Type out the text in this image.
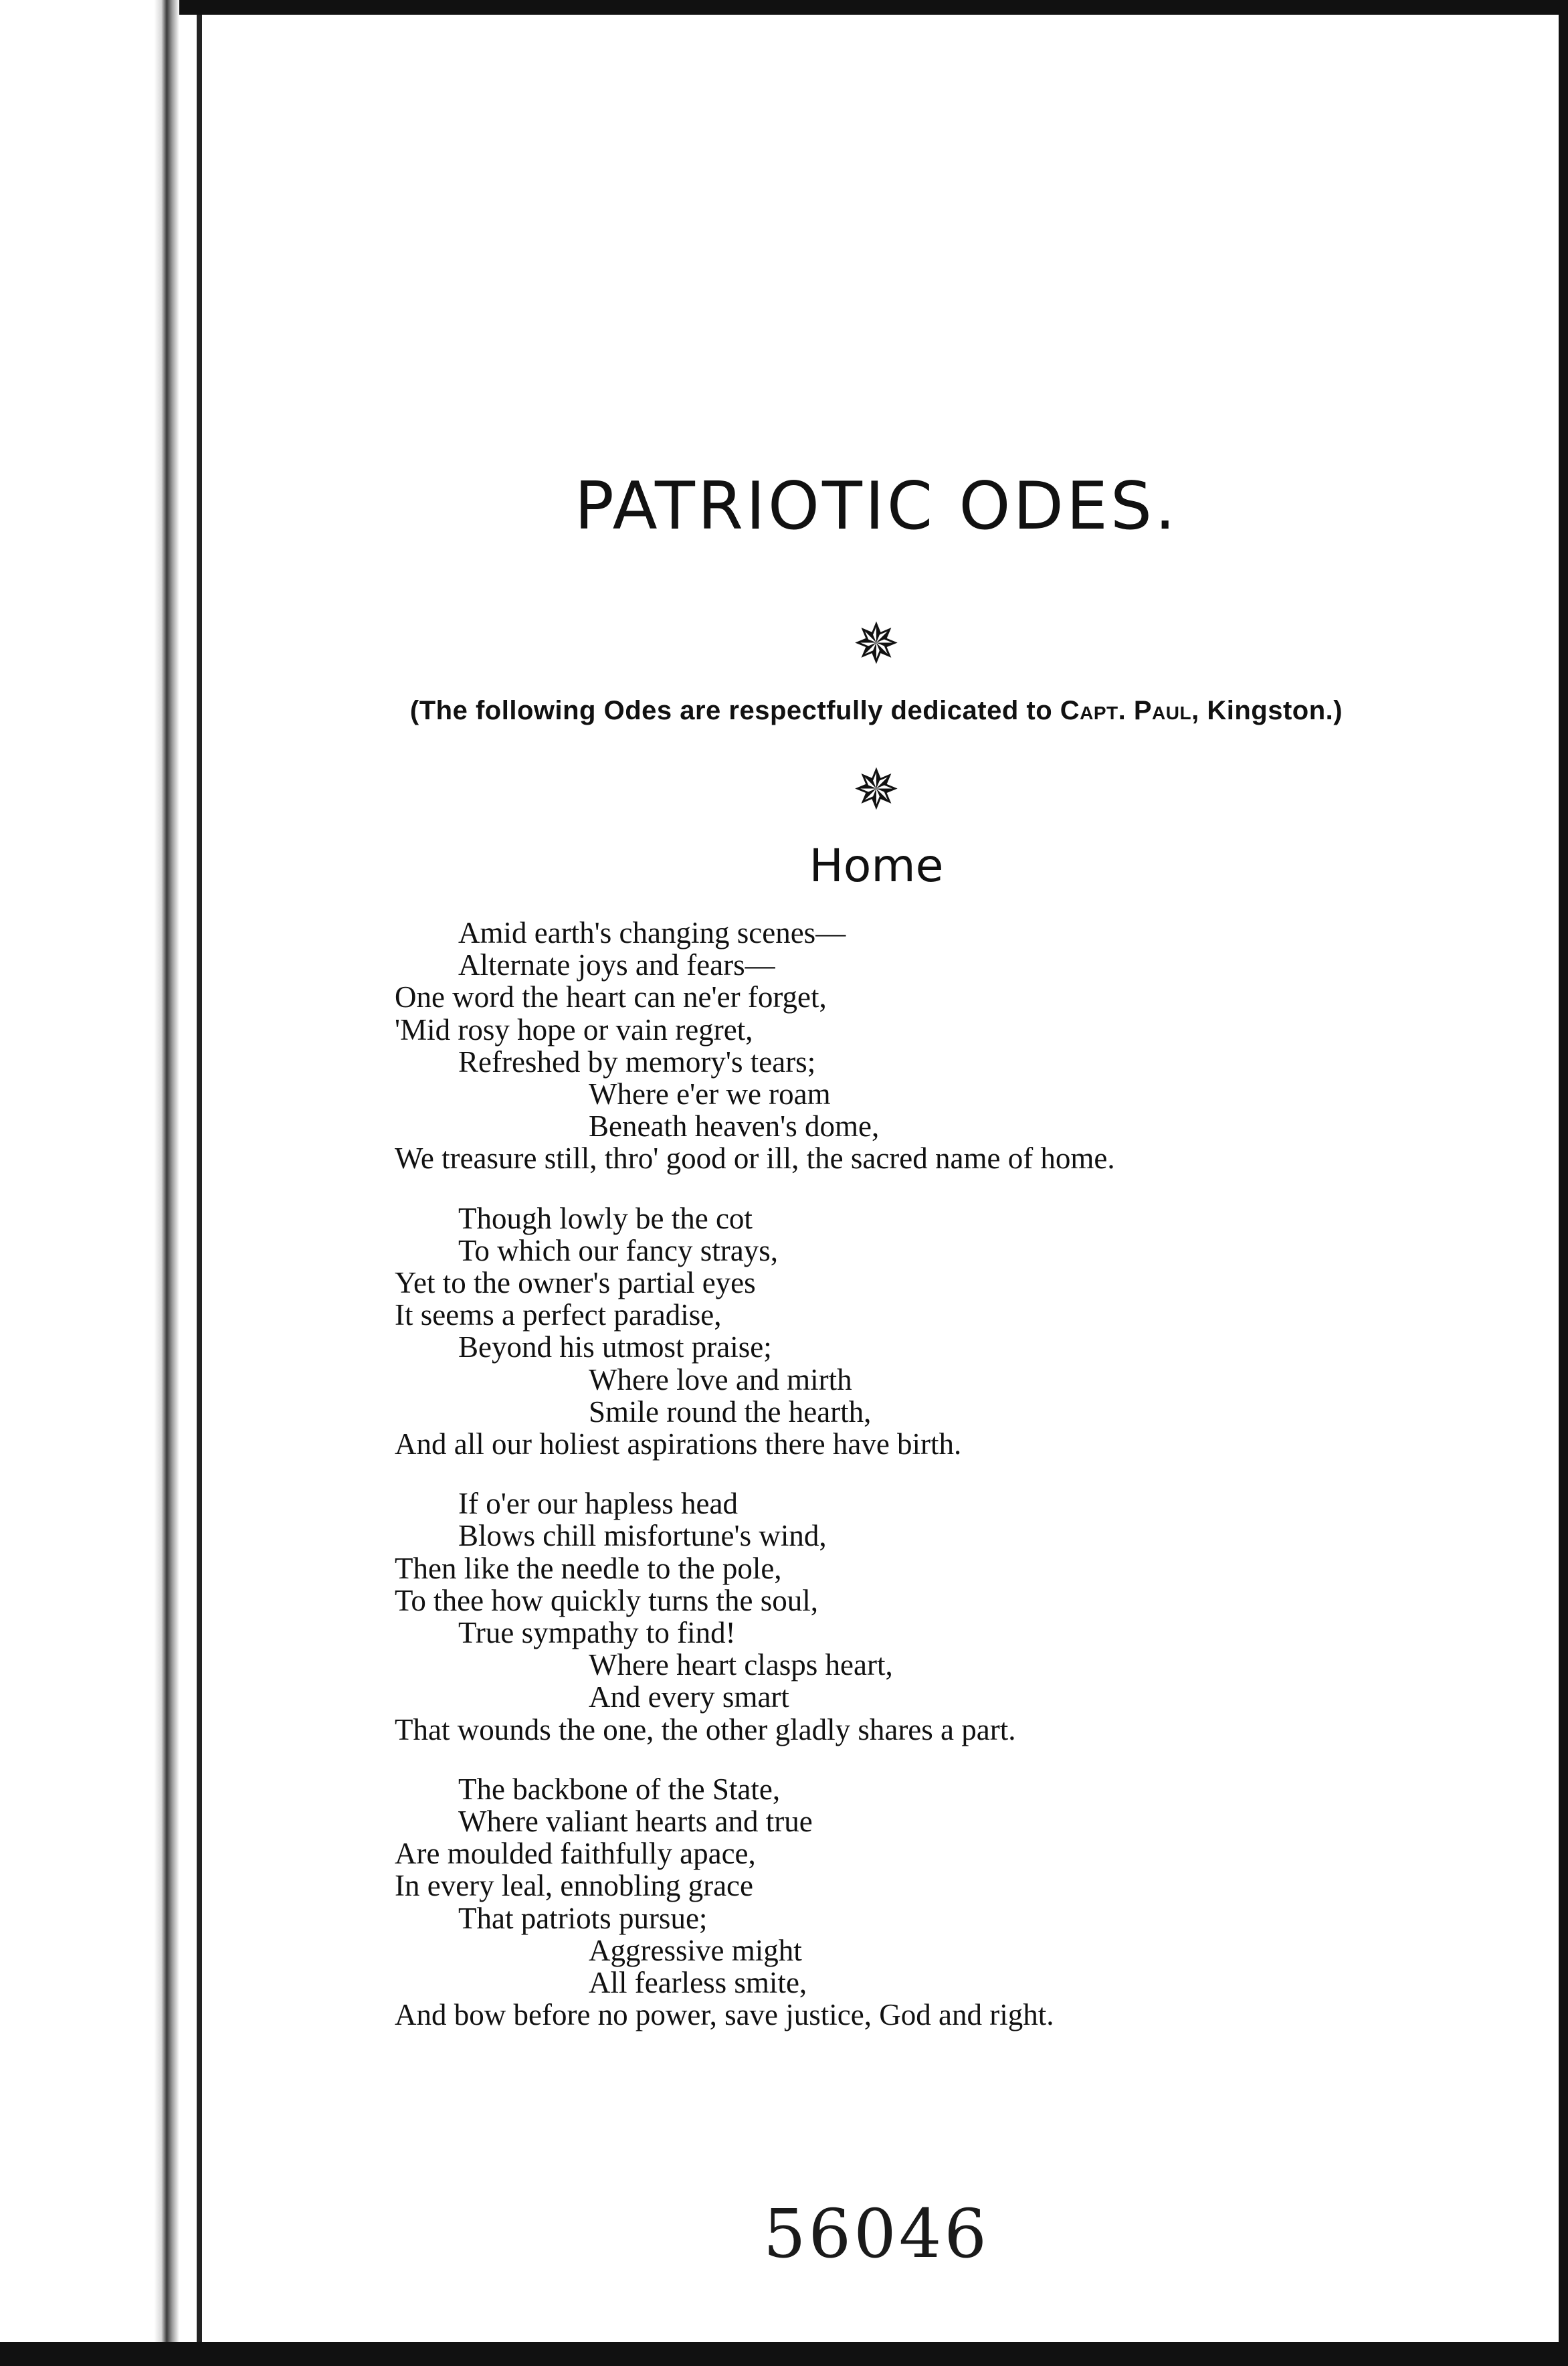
PATRIOTIC ODES.
✵
(The following Odes are respectfully dedicated to Capt. Paul, Kingston.)
✵
Home
Amid earth's changing scenes—
Alternate joys and fears—
One word the heart can ne'er forget,
'Mid rosy hope or vain regret,
Refreshed by memory's tears;
Where e'er we roam
Beneath heaven's dome,
We treasure still, thro' good or ill, the sacred name of home.
Though lowly be the cot
To which our fancy strays,
Yet to the owner's partial eyes
It seems a perfect paradise,
Beyond his utmost praise;
Where love and mirth
Smile round the hearth,
And all our holiest aspirations there have birth.
If o'er our hapless head
Blows chill misfortune's wind,
Then like the needle to the pole,
To thee how quickly turns the soul,
True sympathy to find!
Where heart clasps heart,
And every smart
That wounds the one, the other gladly shares a part.
The backbone of the State,
Where valiant hearts and true
Are moulded faithfully apace,
In every leal, ennobling grace
That patriots pursue;
Aggressive might
All fearless smite,
And bow before no power, save justice, God and right.
56046
